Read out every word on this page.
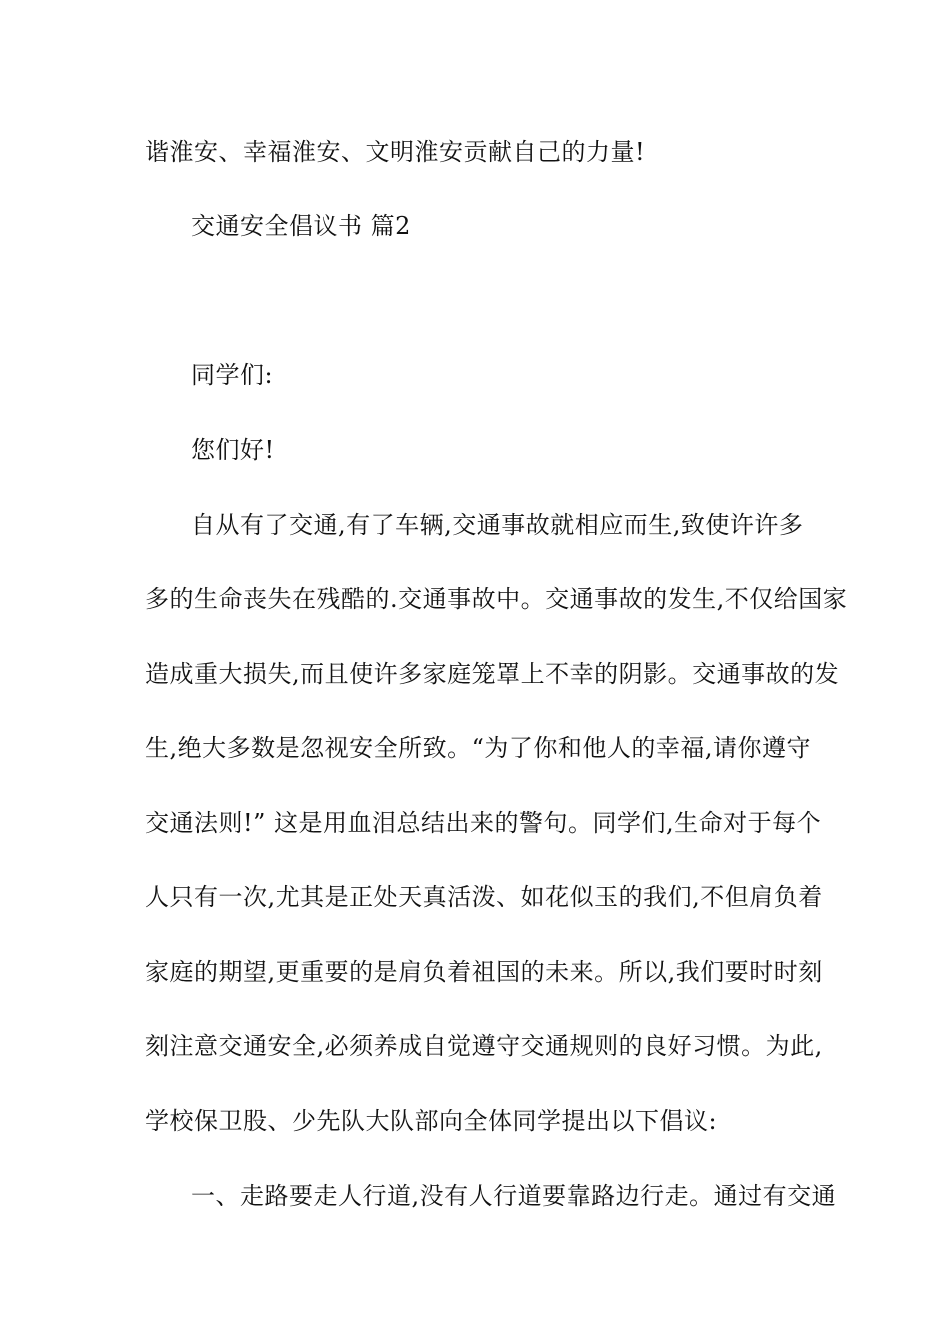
谐淮安、幸福淮安、文明淮安贡献自己的力量!
交通安全倡议书 篇2
同学们:
您们好!
自从有了交通,有了车辆,交通事故就相应而生,致使许许多
多的生命丧失在残酷的.交通事故中。交通事故的发生,不仅给国家
造成重大损失,而且使许多家庭笼罩上不幸的阴影。交通事故的发
生,绝大多数是忽视安全所致。“为了你和他人的幸福,请你遵守
交通法则!” 这是用血泪总结出来的警句。同学们,生命对于每个
人只有一次,尤其是正处天真活泼、如花似玉的我们,不但肩负着
家庭的期望,更重要的是肩负着祖国的未来。所以,我们要时时刻
刻注意交通安全,必须养成自觉遵守交通规则的良好习惯。为此,
学校保卫股、少先队大队部向全体同学提出以下倡议:
一、走路要走人行道,没有人行道要靠路边行走。通过有交通
